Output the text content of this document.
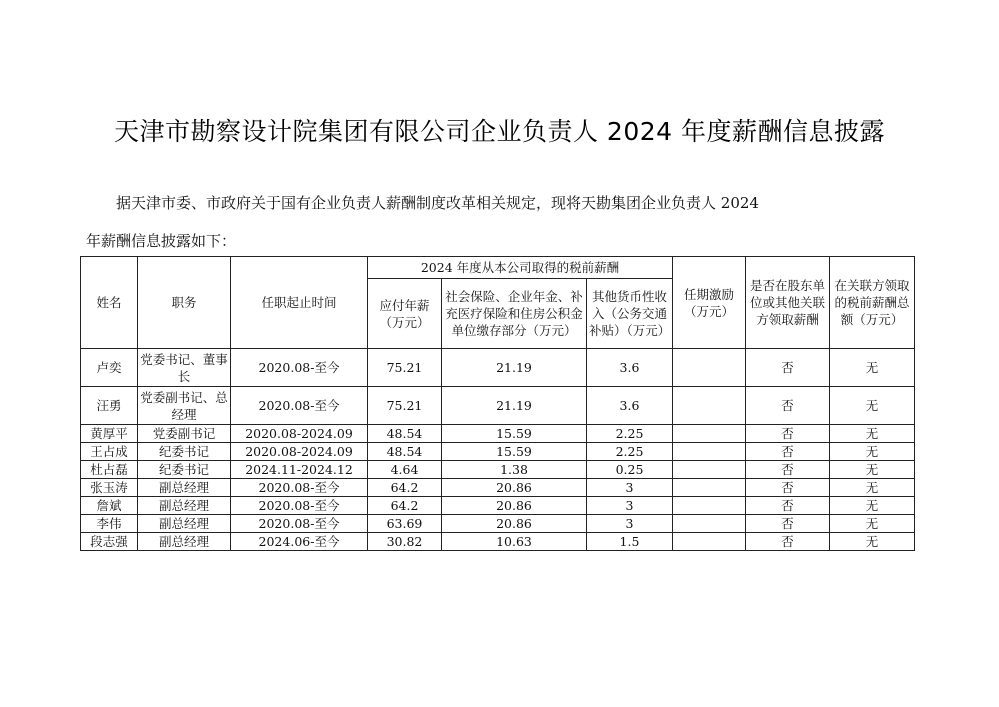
天津市勘察设计院集团有限公司企业负责人 2024 年度薪酬信息披露
据天津市委、市政府关于国有企业负责人薪酬制度改革相关规定，现将天勘集团企业负责人 2024
年薪酬信息披露如下：
姓名	职务	任职起止时间	2024 年度从本公司取得的税前薪酬			任期激励（万元）	是否在股东单位或其他关联方领取薪酬	在关联方领取的税前薪酬总额（万元）
			应付年薪（万元）	社会保险、企业年金、补充医疗保险和住房公积金单位缴存部分（万元）	其他货币性收入（公务交通补贴）（万元）			
卢奕	党委书记、董事长	2020.08-至今	75.21	21.19	3.6		否	无
汪勇	党委副书记、总经理	2020.08-至今	75.21	21.19	3.6		否	无
黄厚平	党委副书记	2020.08-2024.09	48.54	15.59	2.25		否	无
王占成	纪委书记	2020.08-2024.09	48.54	15.59	2.25		否	无
杜占磊	纪委书记	2024.11-2024.12	4.64	1.38	0.25		否	无
张玉涛	副总经理	2020.08-至今	64.2	20.86	3		否	无
詹斌	副总经理	2020.08-至今	64.2	20.86	3		否	无
李伟	副总经理	2020.08-至今	63.69	20.86	3		否	无
段志强	副总经理	2024.06-至今	30.82	10.63	1.5		否	无
